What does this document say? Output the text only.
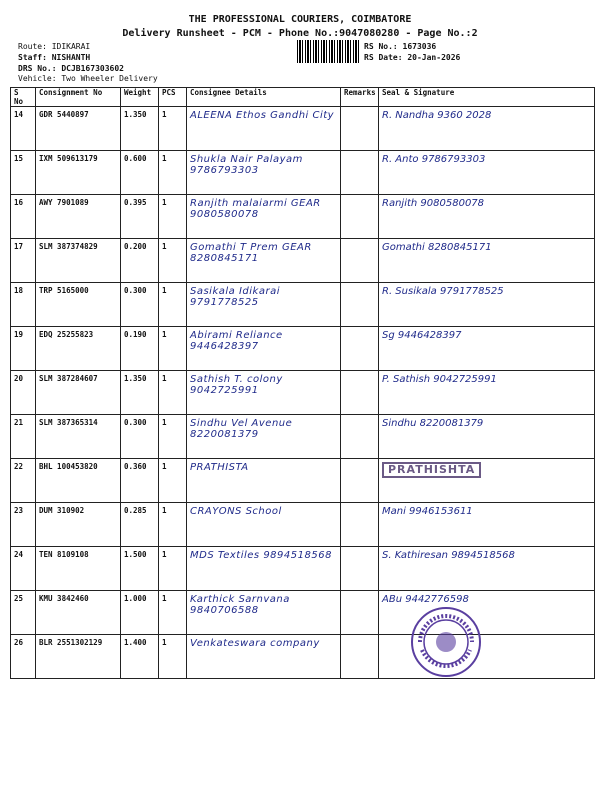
THE PROFESSIONAL COURIERS, COIMBATORE
Delivery Runsheet - PCM - Phone No.:9047080280 - Page No.:2
Route: IDIKARAI
Staff: NISHANTH
DRS No.: DCJB167303602
Vehicle: Two Wheeler Delivery
RS No.: 1673036
RS Date: 20-Jan-2026
S No	Consignment No	Weight	PCS	Consignee Details	Remarks	Seal & Signature
14	GDR 5440897	1.350	1	ALEENA Ethos Gandhi City		R. Nandha 9360 2028
15	IXM 509613179	0.600	1	Shukla Nair Palayam 9786793303		R. Anto 9786793303
16	AWY 7901089	0.395	1	Ranjith malaiarmi GEAR 9080580078		Ranjith 9080580078
17	SLM 387374829	0.200	1	Gomathi T Prem GEAR 8280845171		Gomathi 8280845171
18	TRP 5165000	0.300	1	Sasikala Idikarai 9791778525		R. Susikala 9791778525
19	EDQ 25255823	0.190	1	Abirami Reliance 9446428397		Sg 9446428397
20	SLM 387284607	1.350	1	Sathish T. colony 9042725991		P. Sathish 9042725991
21	SLM 387365314	0.300	1	Sindhu Vel Avenue 8220081379		Sindhu 8220081379
22	BHL 100453820	0.360	1	PRATHISTA		PRATHISHTA
23	DUM 310902	0.285	1	CRAYONS School		Mani 9946153611
24	TEN 8109108	1.500	1	MDS Textiles 9894518568		S. Kathiresan 9894518568
25	KMU 3842460	1.000	1	Karthick Sarnvana 9840706588		ABu 9442776598
26	BLR 2551302129	1.400	1	Venkateswara company		
